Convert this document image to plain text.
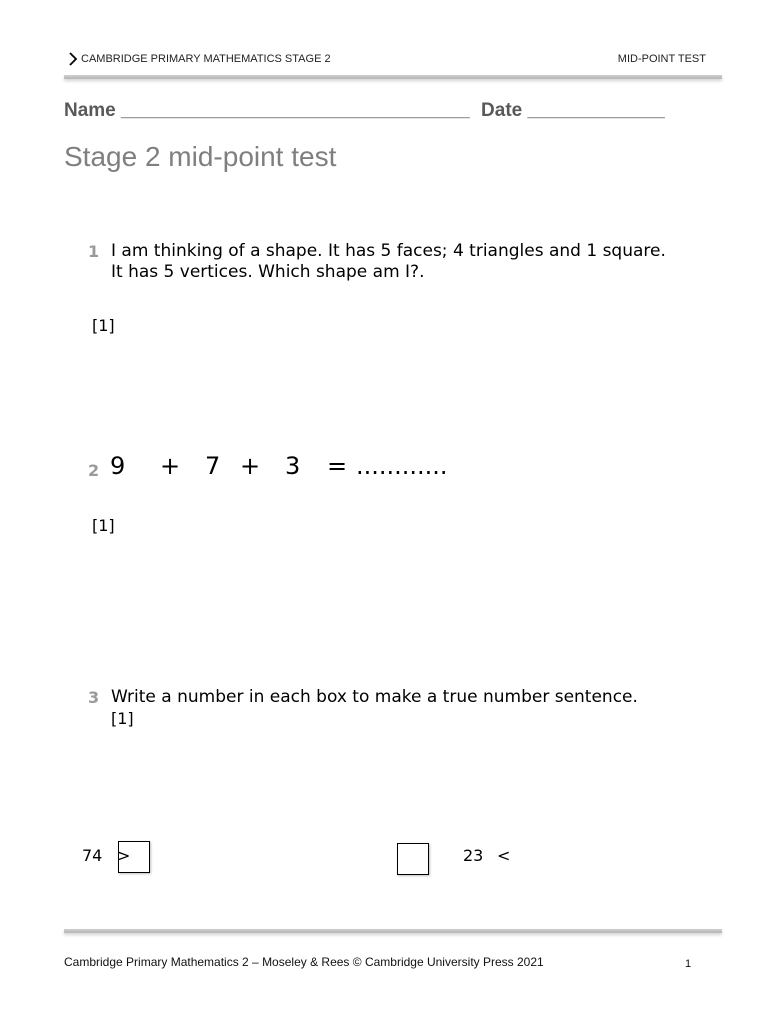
CAMBRIDGE PRIMARY MATHEMATICS STAGE 2	MID-POINT TEST
Name _________________________________ Date _____________
Stage 2 mid-point test
1 I am thinking of a shape. It has 5 faces; 4 triangles and 1 square.
It has 5 vertices. Which shape am I?.
[1]
2 9 + 7 + 3 = ............
[1]
3 Write a number in each box to make a true number sentence.
[1]
74 >	23 <
Cambridge Primary Mathematics 2 – Moseley & Rees © Cambridge University Press 2021	1
